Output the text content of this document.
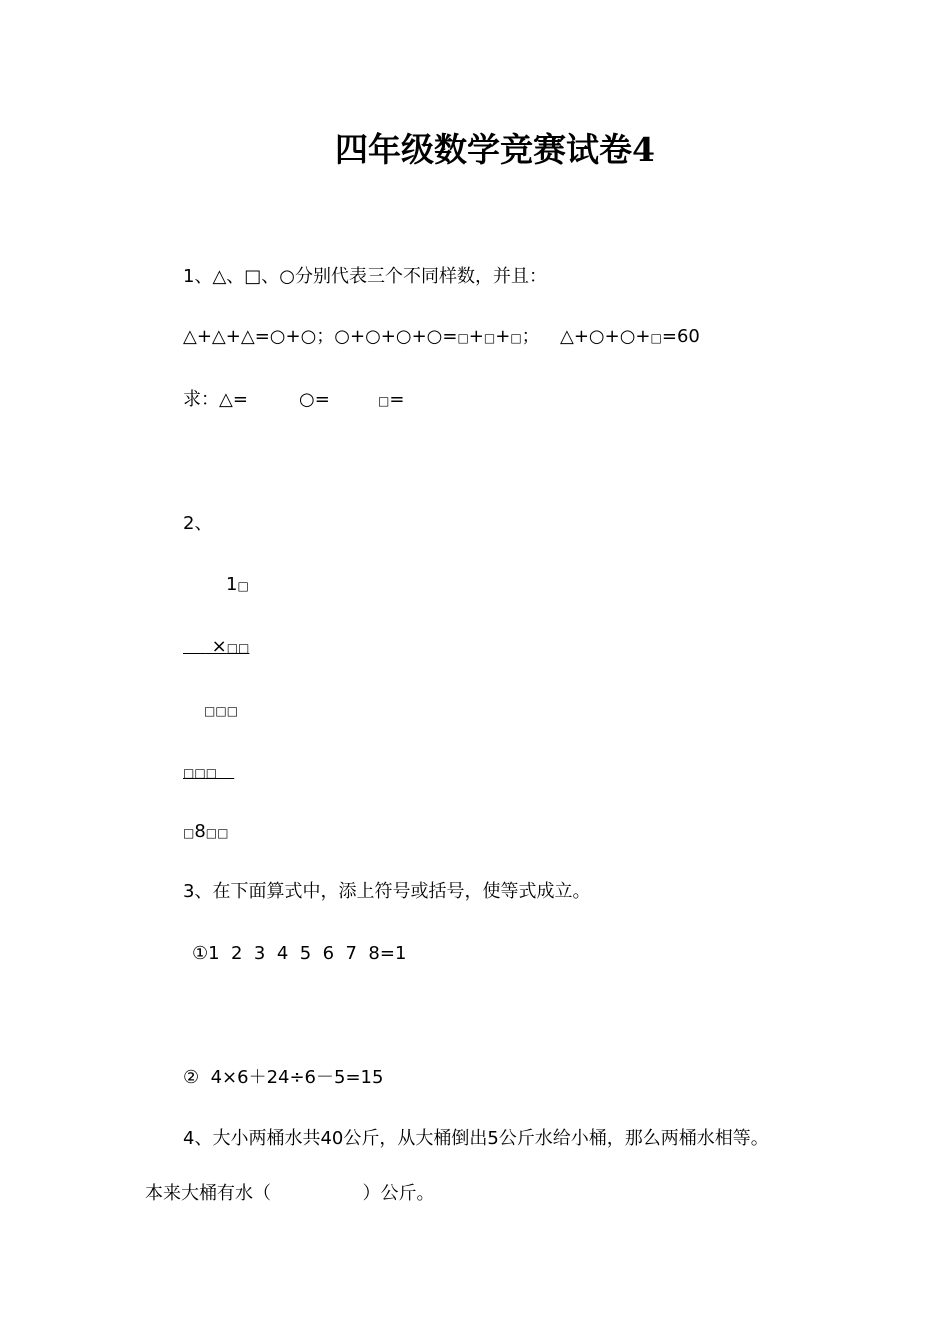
四年级数学竞赛试卷4
1、△、□、○分别代表三个不同样数，并且：
△+△+△=○+○；○+○+○+○=□+□+□； △+○+○+□=60
求：△=	○=	□=
2、
1□
×□□
□□□
□□□
□8□□
3、在下面算式中，添上符号或括号，使等式成立。
①1  2  3  4  5  6  7  8=1
②  4×6＋24÷6－5=15
4、大小两桶水共40公斤，从大桶倒出5公斤水给小桶，那么两桶水相等。
本来大桶有水（                ）公斤。
